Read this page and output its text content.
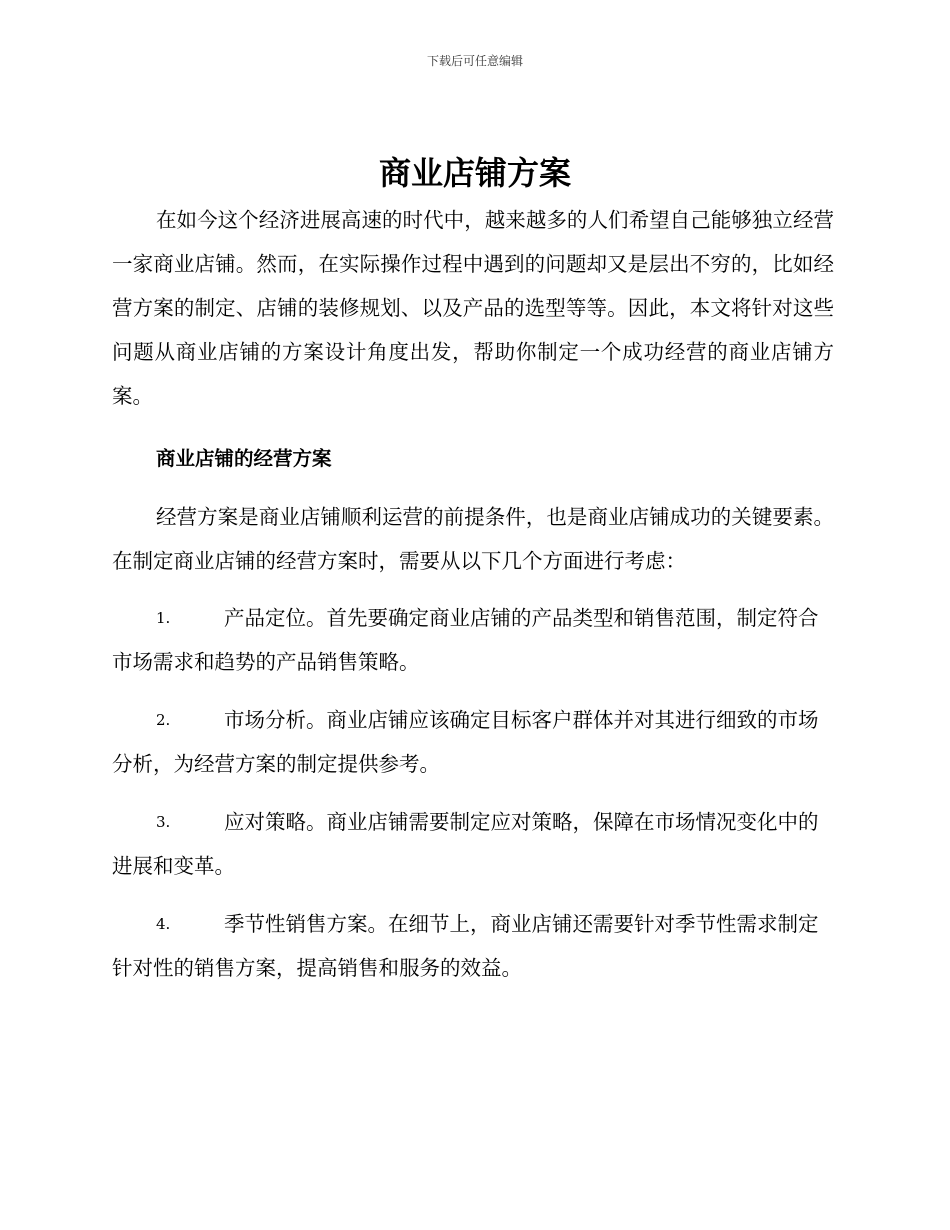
下载后可任意编辑
商业店铺方案

在如今这个经济进展高速的时代中，越来越多的人们希望自己能够独立经营一家商业店铺。然而，在实际操作过程中遇到的问题却又是层出不穷的，比如经营方案的制定、店铺的装修规划、以及产品的选型等等。因此，本文将针对这些问题从商业店铺的方案设计角度出发，帮助你制定一个成功经营的商业店铺方案。

商业店铺的经营方案

经营方案是商业店铺顺利运营的前提条件，也是商业店铺成功的关键要素。在制定商业店铺的经营方案时，需要从以下几个方面进行考虑：

1.	产品定位。首先要确定商业店铺的产品类型和销售范围，制定符合市场需求和趋势的产品销售策略。

2.	市场分析。商业店铺应该确定目标客户群体并对其进行细致的市场分析，为经营方案的制定提供参考。

3.	应对策略。商业店铺需要制定应对策略，保障在市场情况变化中的进展和变革。

4.	季节性销售方案。在细节上，商业店铺还需要针对季节性需求制定针对性的销售方案，提高销售和服务的效益。
